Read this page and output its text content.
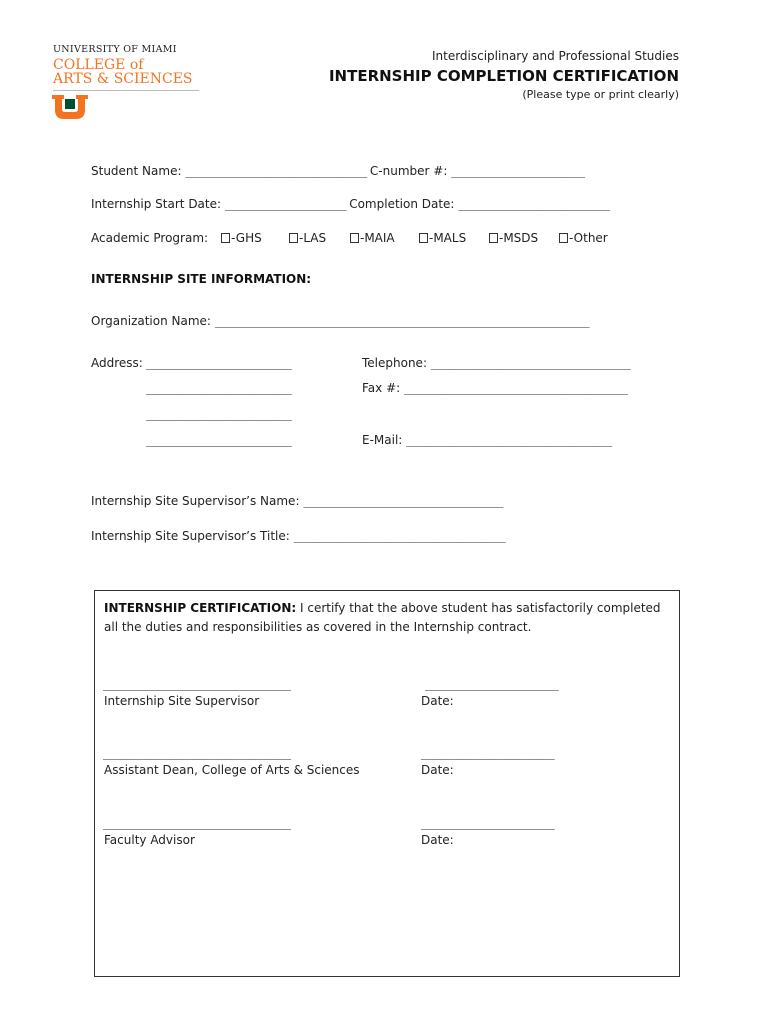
UNIVERSITY OF MIAMI
COLLEGE of
ARTS & SCIENCES
Interdisciplinary and Professional Studies
INTERNSHIP COMPLETION CERTIFICATION
(Please type or print clearly)
Student Name: ______________________________ C-number #: ______________________
Internship Start Date: ____________________ Completion Date: _________________________
Academic Program:	-GHS	-LAS	-MAIA	-MALS	-MSDS	-Other
INTERNSHIP SITE INFORMATION:
Organization Name: ______________________________________________________________
Address: ________________________
________________________
________________________
________________________
Telephone: _________________________________
Fax #: _____________________________________
E-Mail: __________________________________
Internship Site Supervisor’s Name: _________________________________
Internship Site Supervisor’s Title: ___________________________________
INTERNSHIP CERTIFICATION: I certify that the above student has satisfactorily completed all the duties and responsibilities as covered in the Internship contract.
_______________________________
Internship Site Supervisor
______________________
Date:
_______________________________
Assistant Dean, College of Arts & Sciences
______________________
Date:
_______________________________
Faculty Advisor
______________________
Date:
